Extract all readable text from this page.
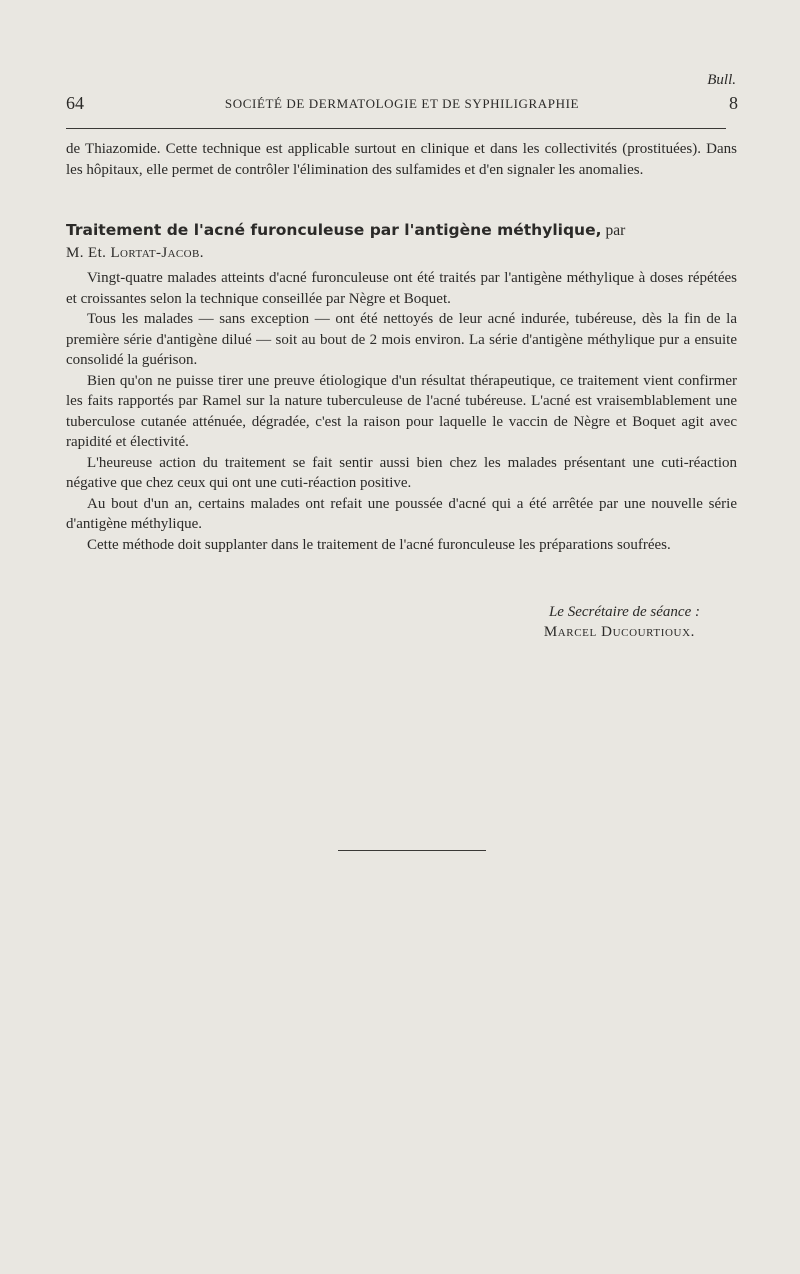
Bull.
64	SOCIÉTÉ DE DERMATOLOGIE ET DE SYPHILIGRAPHIE	8

de Thiazomide. Cette technique est applicable surtout en clinique et dans les collectivités (prostituées). Dans les hôpitaux, elle permet de contrôler l'élimination des sulfamides et d'en signaler les anomalies.

Traitement de l'acné furonculeuse par l'antigène méthylique, par
M. Et. Lortat-Jacob.

Vingt-quatre malades atteints d'acné furonculeuse ont été traités par l'antigène méthylique à doses répétées et croissantes selon la technique conseillée par Nègre et Boquet.

Tous les malades — sans exception — ont été nettoyés de leur acné indurée, tubéreuse, dès la fin de la première série d'antigène dilué — soit au bout de 2 mois environ. La série d'antigène méthylique pur a ensuite consolidé la guérison.

Bien qu'on ne puisse tirer une preuve étiologique d'un résultat thérapeutique, ce traitement vient confirmer les faits rapportés par Ramel sur la nature tuberculeuse de l'acné tubéreuse. L'acné est vraisemblablement une tuberculose cutanée atténuée, dégradée, c'est la raison pour laquelle le vaccin de Nègre et Boquet agit avec rapidité et électivité.

L'heureuse action du traitement se fait sentir aussi bien chez les malades présentant une cuti-réaction négative que chez ceux qui ont une cuti-réaction positive.

Au bout d'un an, certains malades ont refait une poussée d'acné qui a été arrêtée par une nouvelle série d'antigène méthylique.

Cette méthode doit supplanter dans le traitement de l'acné furonculeuse les préparations soufrées.

Le Secrétaire de séance :
Marcel Ducourtioux.
